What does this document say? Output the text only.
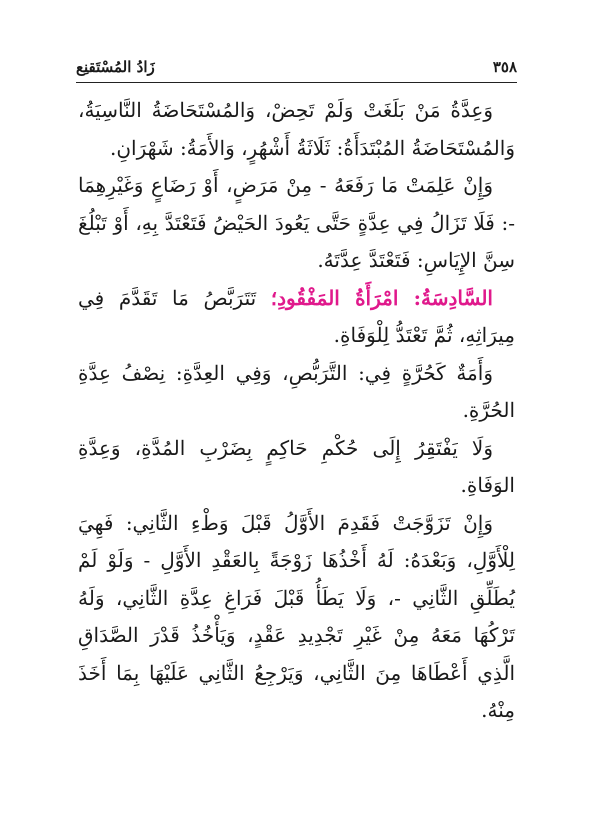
٣٥٨
زَادُ المُسْتَقنِع

وَعِدَّةُ مَنْ بَلَغَتْ وَلَمْ تَحِضْ، وَالمُسْتَحَاضَةُ النَّاسِيَةُ، وَالمُسْتَحَاضَةُ المُبْتَدَأَةُ: ثَلَاثَةُ أَشْهُرٍ، وَالأَمَةُ: شَهْرَانِ.

وَإِنْ عَلِمَتْ مَا رَفَعَهُ - مِنْ مَرَضٍ، أَوْ رَضَاعٍ وَغَيْرِهِمَا -: فَلَا تَزَالُ فِي عِدَّةٍ حَتَّى يَعُودَ الحَيْضُ فَتَعْتَدَّ بِهِ، أَوْ تَبْلُغَ سِنَّ الإِيَاسِ: فَتَعْتَدَّ عِدَّتَهُ.

السَّادِسَةُ: امْرَأَةُ المَفْقُودِ؛ تَتَرَبَّصُ مَا تَقَدَّمَ فِي مِيرَاثِهِ، ثُمَّ تَعْتَدُّ لِلْوَفَاةِ.

وَأَمَةٌ كَحُرَّةٍ فِي: التَّرَبُّصِ، وَفِي العِدَّةِ: نِصْفُ عِدَّةِ الحُرَّةِ.

وَلَا يَفْتَقِرُ إِلَى حُكْمِ حَاكِمٍ بِضَرْبِ المُدَّةِ، وَعِدَّةِ الوَفَاةِ.

وَإِنْ تَزَوَّجَتْ فَقَدِمَ الأَوَّلُ قَبْلَ وَطْءِ الثَّانِي: فَهِيَ لِلْأَوَّلِ، وَبَعْدَهُ: لَهُ أَخْذُهَا زَوْجَةً بِالعَقْدِ الأَوَّلِ - وَلَوْ لَمْ يُطَلِّقِ الثَّانِي -، وَلَا يَطَأُ قَبْلَ فَرَاغِ عِدَّةِ الثَّانِي، وَلَهُ تَرْكُهَا مَعَهُ مِنْ غَيْرِ تَجْدِيدِ عَقْدٍ، وَيَأْخُذُ قَدْرَ الصَّدَاقِ الَّذِي أَعْطَاهَا مِنَ الثَّانِي، وَيَرْجِعُ الثَّانِي عَلَيْهَا بِمَا أَخَذَ مِنْهُ.
